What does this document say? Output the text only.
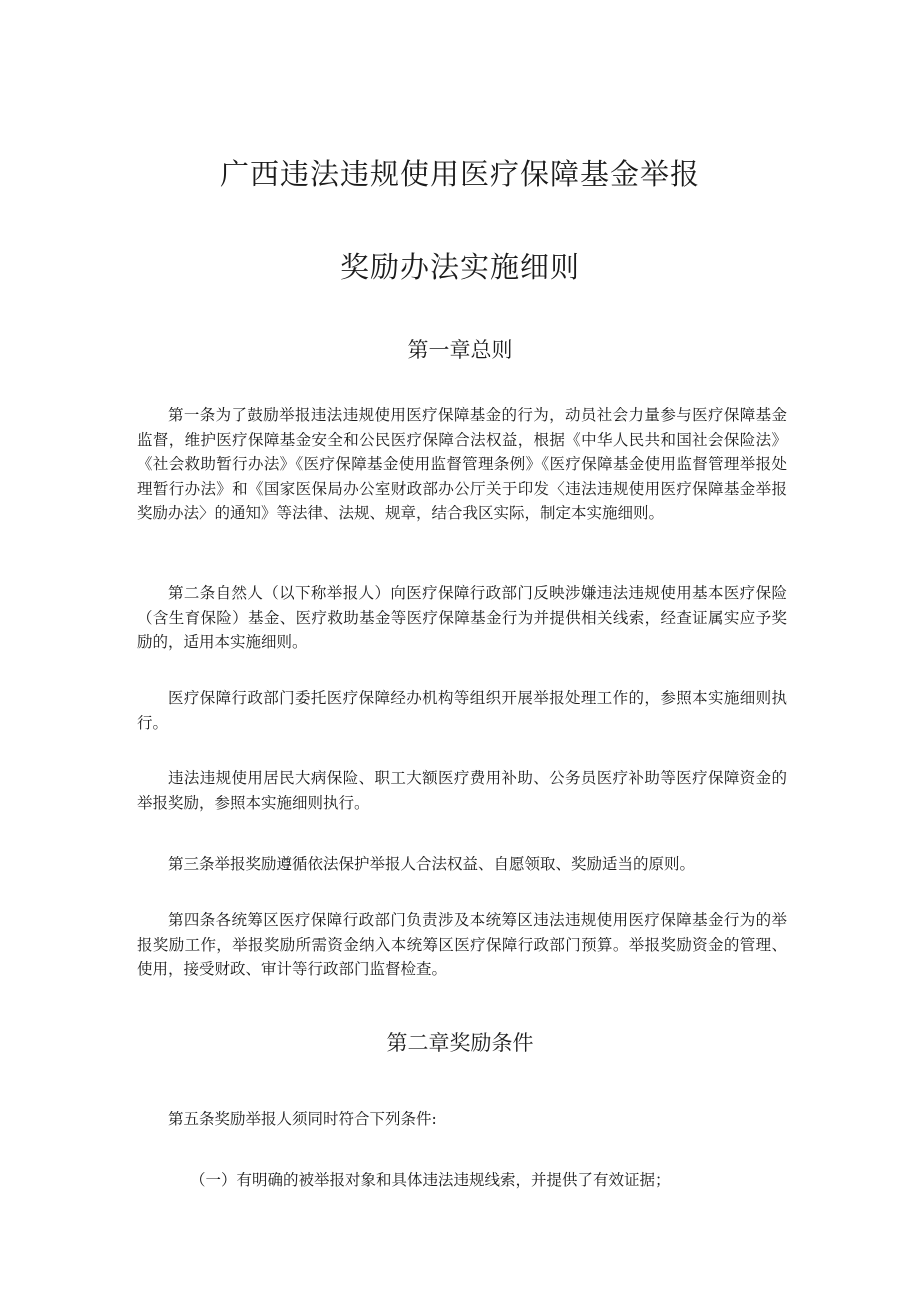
广西违法违规使用医疗保障基金举报
奖励办法实施细则
第一章总则

第一条为了鼓励举报违法违规使用医疗保障基金的行为，动员社会力量参与医疗保障基金监督，维护医疗保障基金安全和公民医疗保障合法权益，根据《中华人民共和国社会保险法》《社会救助暂行办法》《医疗保障基金使用监督管理条例》《医疗保障基金使用监督管理举报处理暂行办法》和《国家医保局办公室财政部办公厅关于印发〈违法违规使用医疗保障基金举报奖励办法〉的通知》等法律、法规、规章，结合我区实际，制定本实施细则。

第二条自然人（以下称举报人）向医疗保障行政部门反映涉嫌违法违规使用基本医疗保险（含生育保险）基金、医疗救助基金等医疗保障基金行为并提供相关线索，经查证属实应予奖励的，适用本实施细则。

医疗保障行政部门委托医疗保障经办机构等组织开展举报处理工作的，参照本实施细则执行。

违法违规使用居民大病保险、职工大额医疗费用补助、公务员医疗补助等医疗保障资金的举报奖励，参照本实施细则执行。

第三条举报奖励遵循依法保护举报人合法权益、自愿领取、奖励适当的原则。

第四条各统筹区医疗保障行政部门负责涉及本统筹区违法违规使用医疗保障基金行为的举报奖励工作，举报奖励所需资金纳入本统筹区医疗保障行政部门预算。举报奖励资金的管理、使用，接受财政、审计等行政部门监督检查。

第二章奖励条件

第五条奖励举报人须同时符合下列条件:

（一）有明确的被举报对象和具体违法违规线索，并提供了有效证据；
